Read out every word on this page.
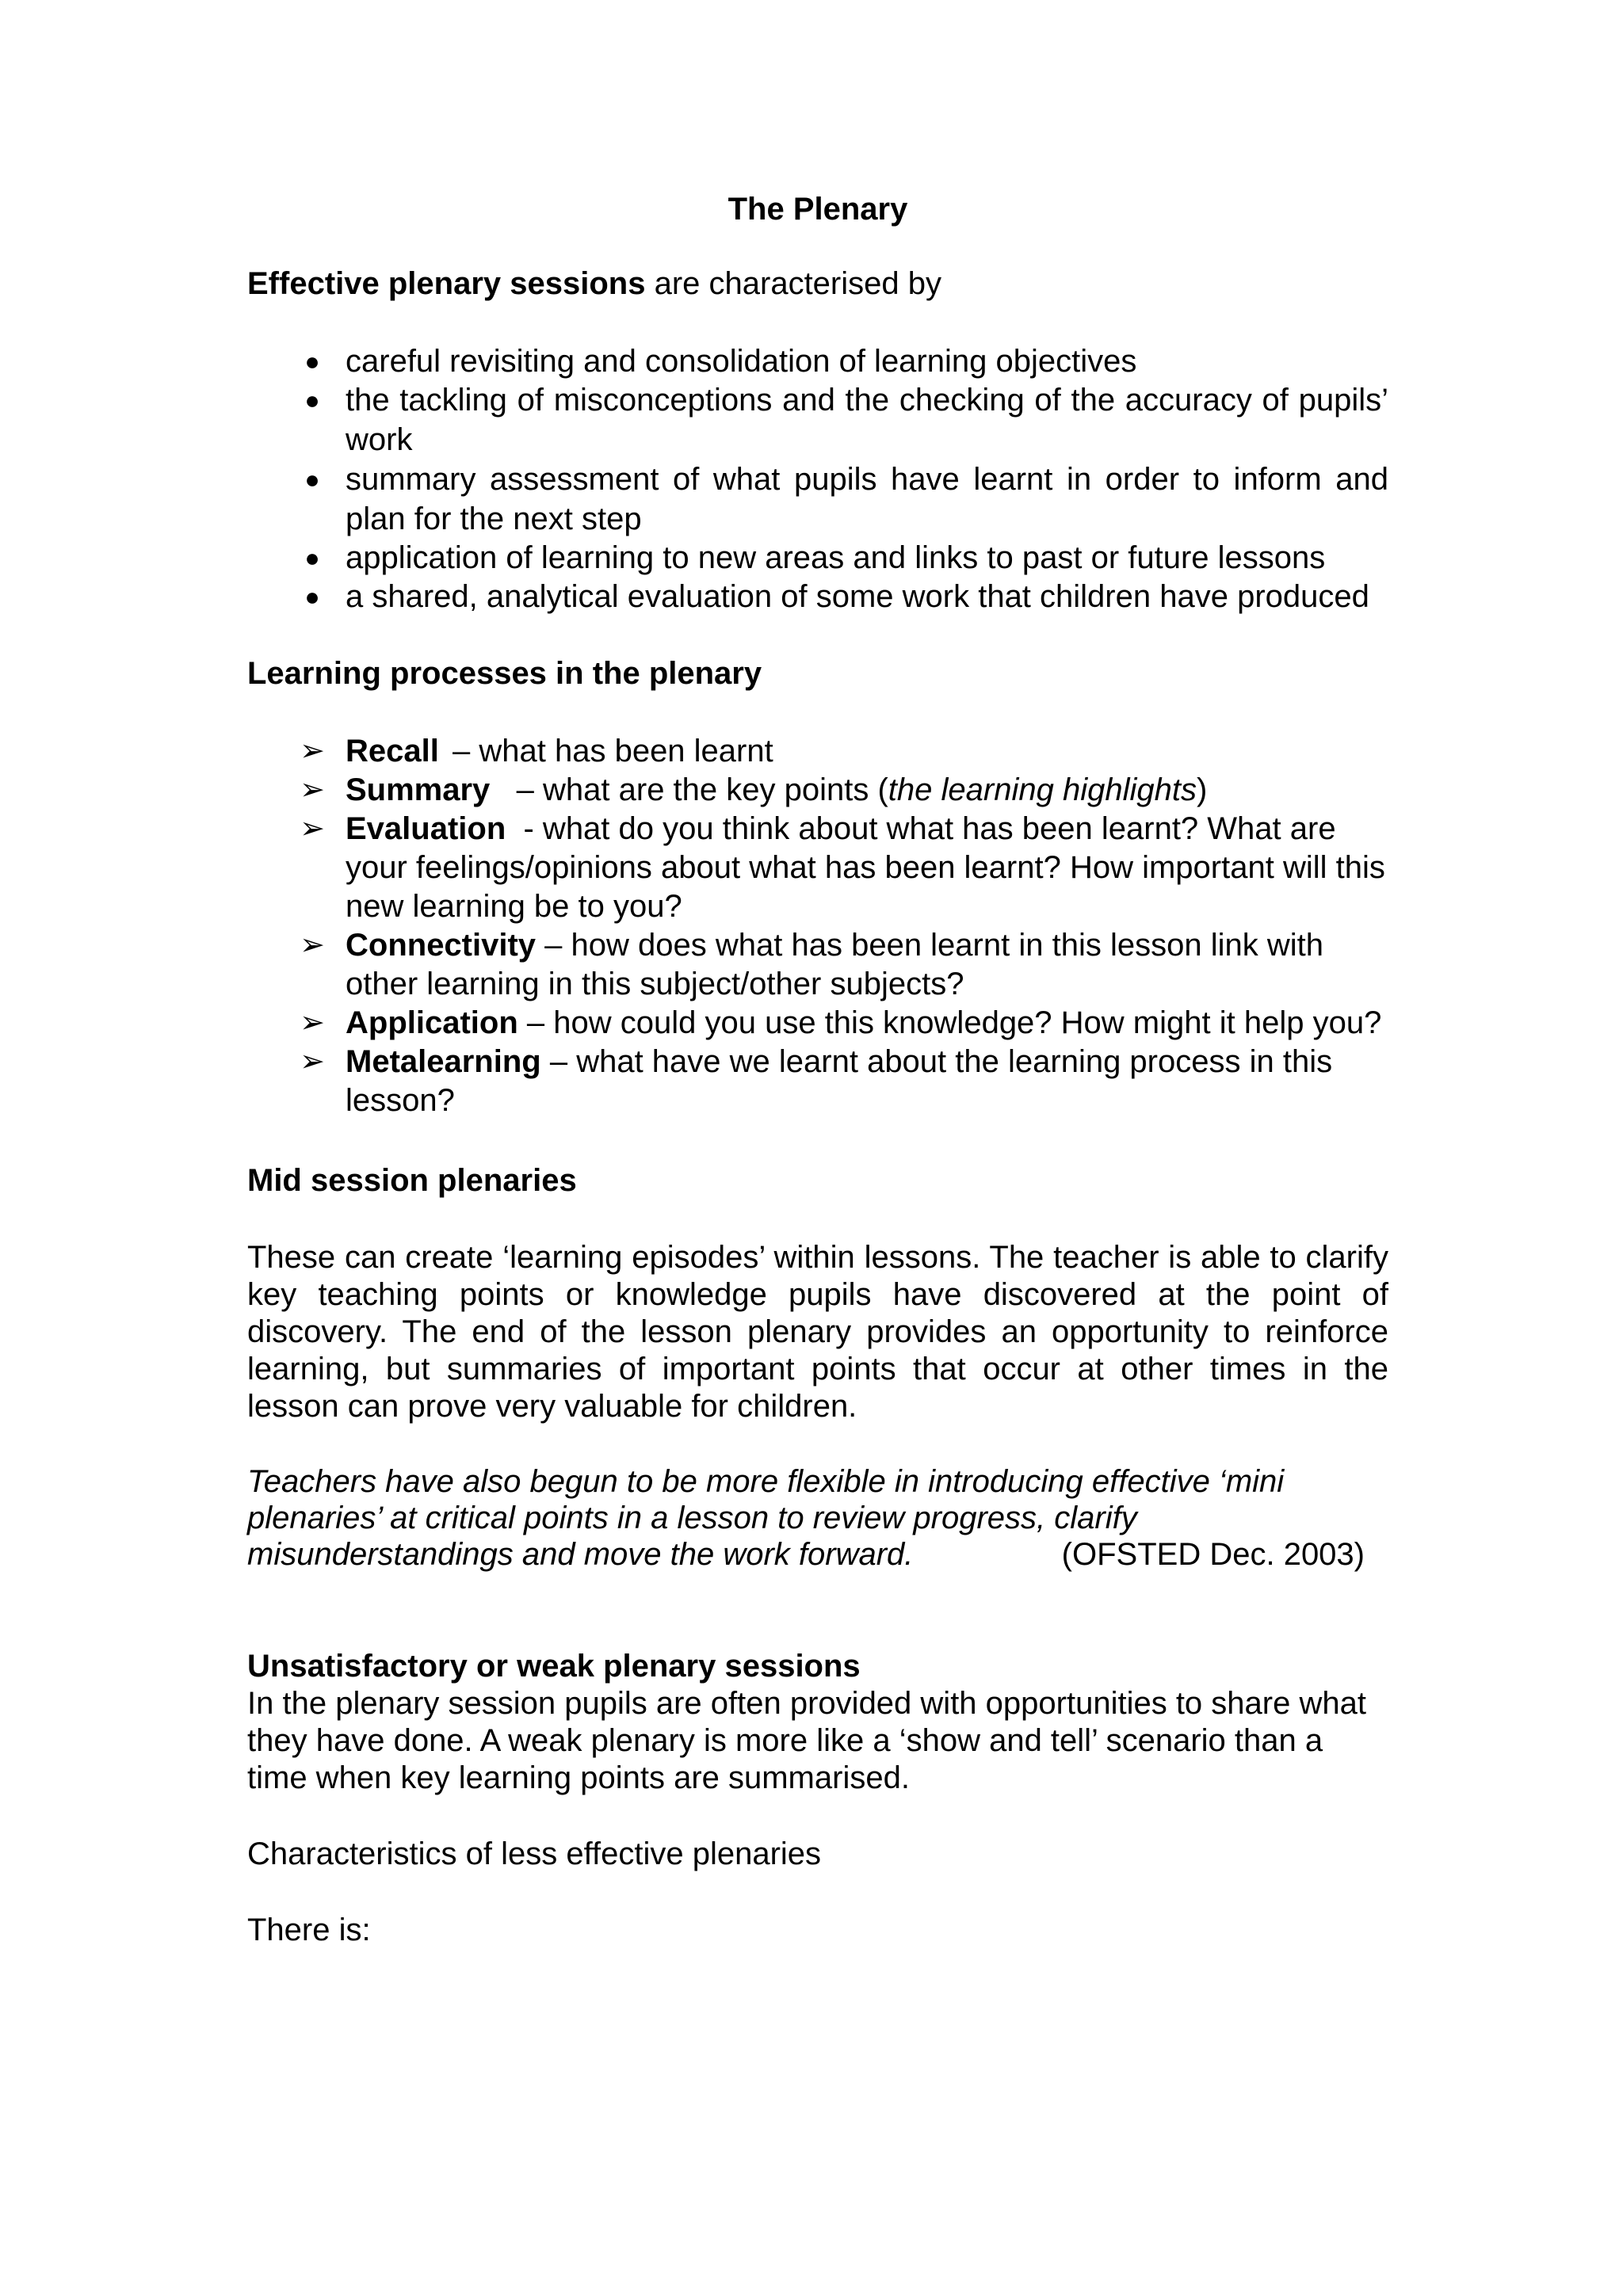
The Plenary
Effective plenary sessions are characterised by
● careful revisiting and consolidation of learning objectives
● the tackling of misconceptions and the checking of the accuracy of pupils’ work
● summary assessment of what pupils have learnt in order to inform and plan for the next step
● application of learning to new areas and links to past or future lessons
● a shared, analytical evaluation of some work that children have produced
Learning processes in the plenary
➢ Recall – what has been learnt
➢ Summary – what are the key points (the learning highlights)
➢ Evaluation  - what do you think about what has been learnt? What are your feelings/opinions about what has been learnt? How important will this new learning be to you?
➢ Connectivity – how does what has been learnt in this lesson link with other learning in this subject/other subjects?
➢ Application – how could you use this knowledge? How might it help you?
➢ Metalearning – what have we learnt about the learning process in this lesson?
Mid session plenaries
These can create ‘learning episodes’ within lessons. The teacher is able to clarify key teaching points or knowledge pupils have discovered at the point of discovery. The end of the lesson plenary provides an opportunity to reinforce learning, but summaries of important points that occur at other times in the lesson can prove very valuable for children.
Teachers have also begun to be more flexible in introducing effective ‘mini plenaries’ at critical points in a lesson to review progress, clarify misunderstandings and move the work forward.	(OFSTED Dec. 2003)
Unsatisfactory or weak plenary sessions
In the plenary session pupils are often provided with opportunities to share what they have done. A weak plenary is more like a ‘show and tell’ scenario than a time when key learning points are summarised.
Characteristics of less effective plenaries
There is:
